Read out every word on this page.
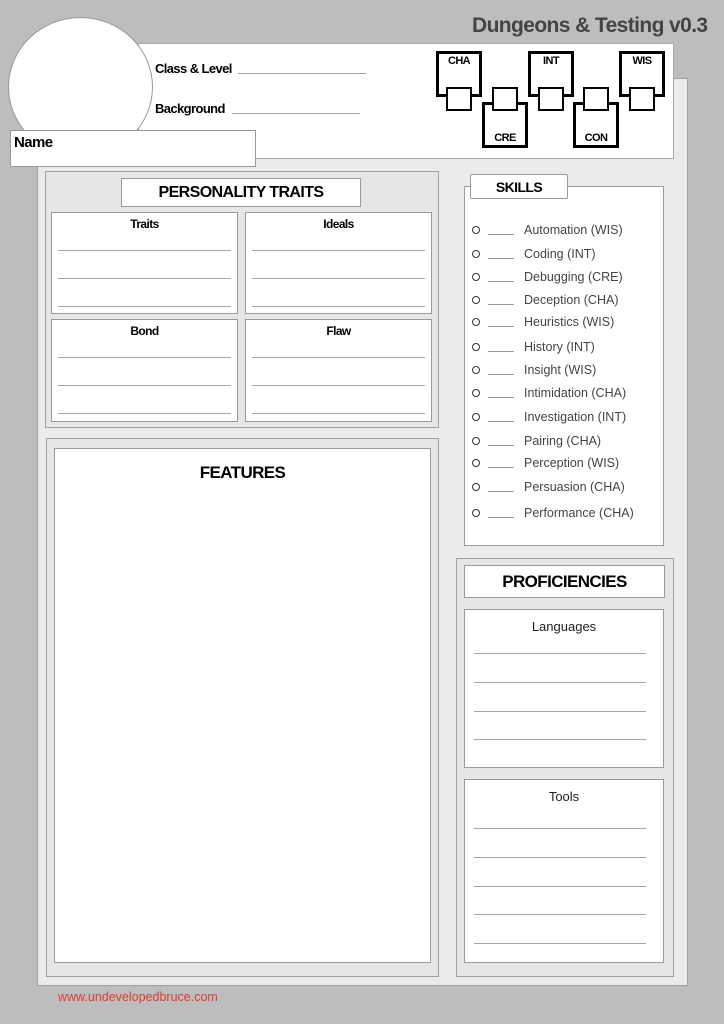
Dungeons & Testing v0.3
Class & Level
Background
Name
CHA
CRE
INT
CON
WIS
PERSONALITY TRAITS
Traits	Ideals
Bond	Flaw
FEATURES
SKILLS
Automation (WIS)
Coding (INT)
Debugging (CRE)
Deception (CHA)
Heuristics (WIS)
History (INT)
Insight (WIS)
Intimidation (CHA)
Investigation (INT)
Pairing (CHA)
Perception (WIS)
Persuasion (CHA)
Performance (CHA)
PROFICIENCIES
Languages
Tools
www.undevelopedbruce.com
